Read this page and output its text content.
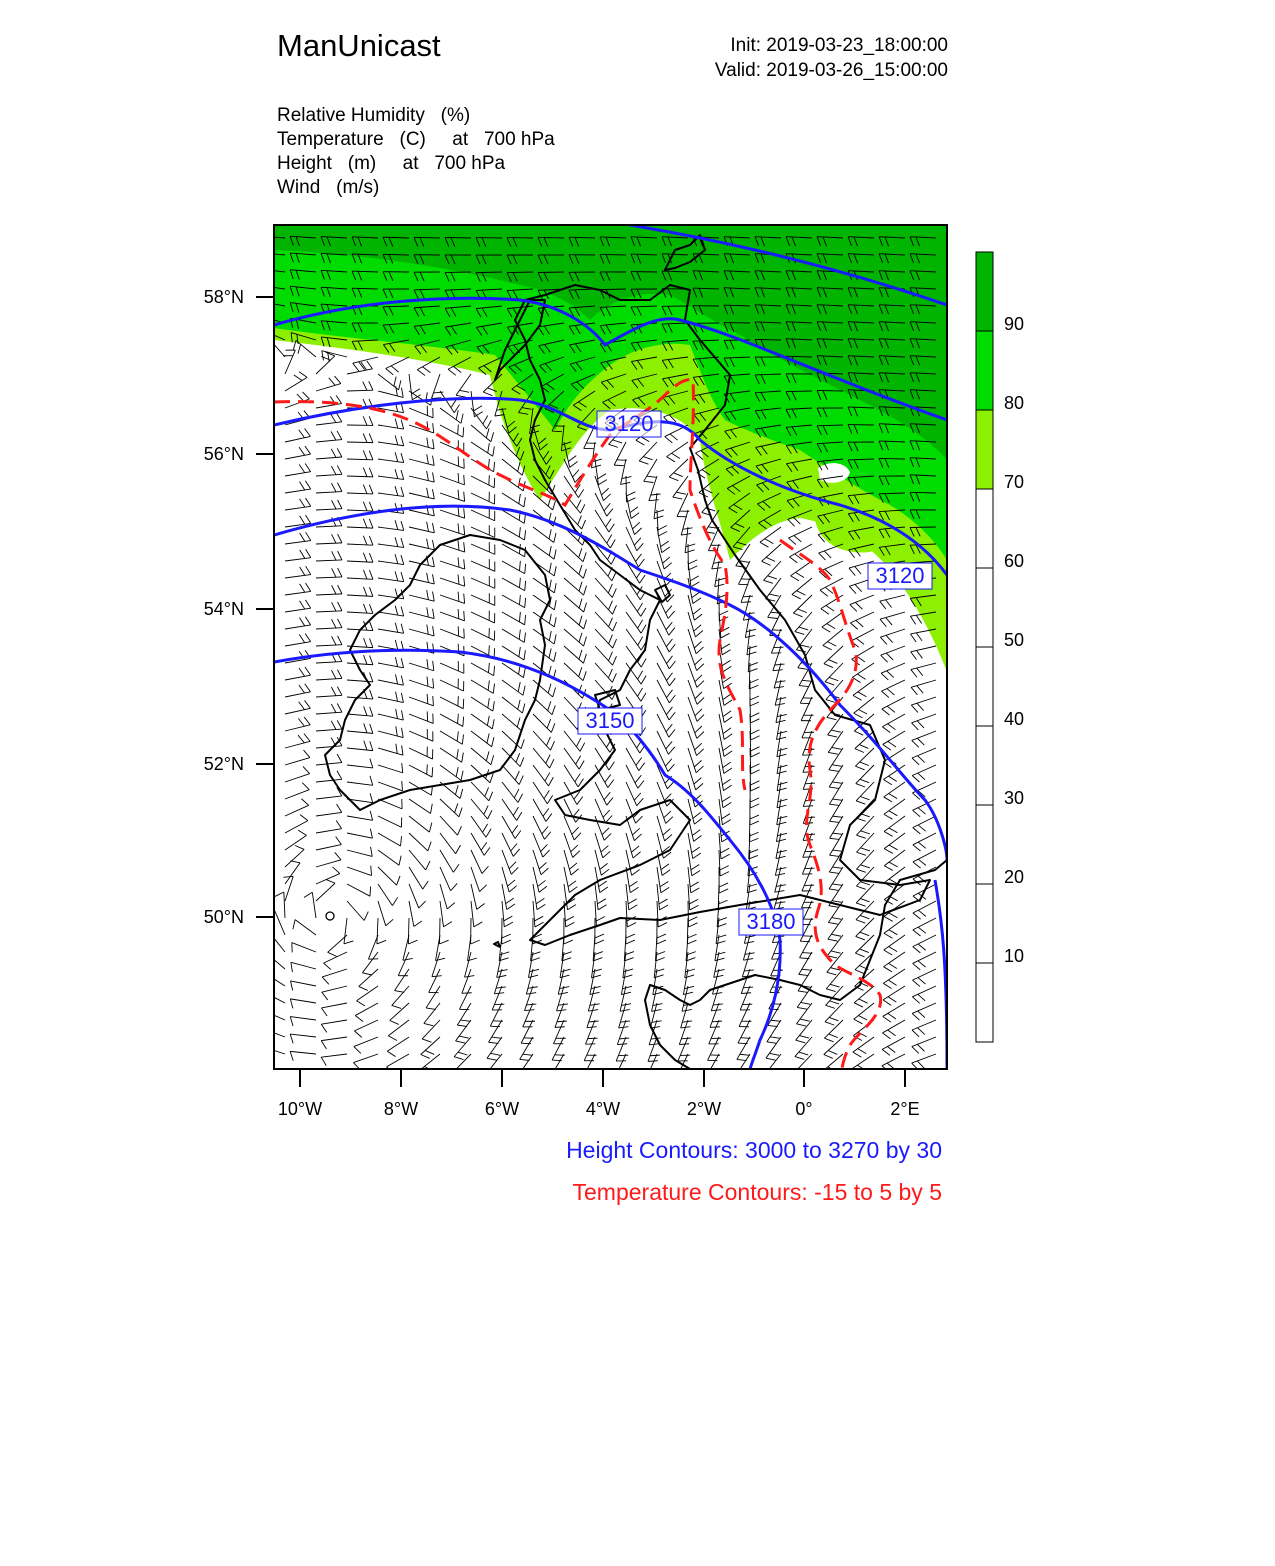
ManUnicast	Init: 2019-03-23_18:00:00
Valid: 2019-03-26_15:00:00
Relative Humidity   (%)
Temperature   (C)     at   700 hPa
Height   (m)     at   700 hPa
Wind   (m/s)
3120
3120
3150
3180
58°N
56°N
54°N
52°N
50°N
10°W	8°W	6°W	4°W	2°W	0°	2°E
90
80
70
60
50
40
30
20
10
Height Contours: 3000 to 3270 by 30
Temperature Contours: -15 to 5 by 5
